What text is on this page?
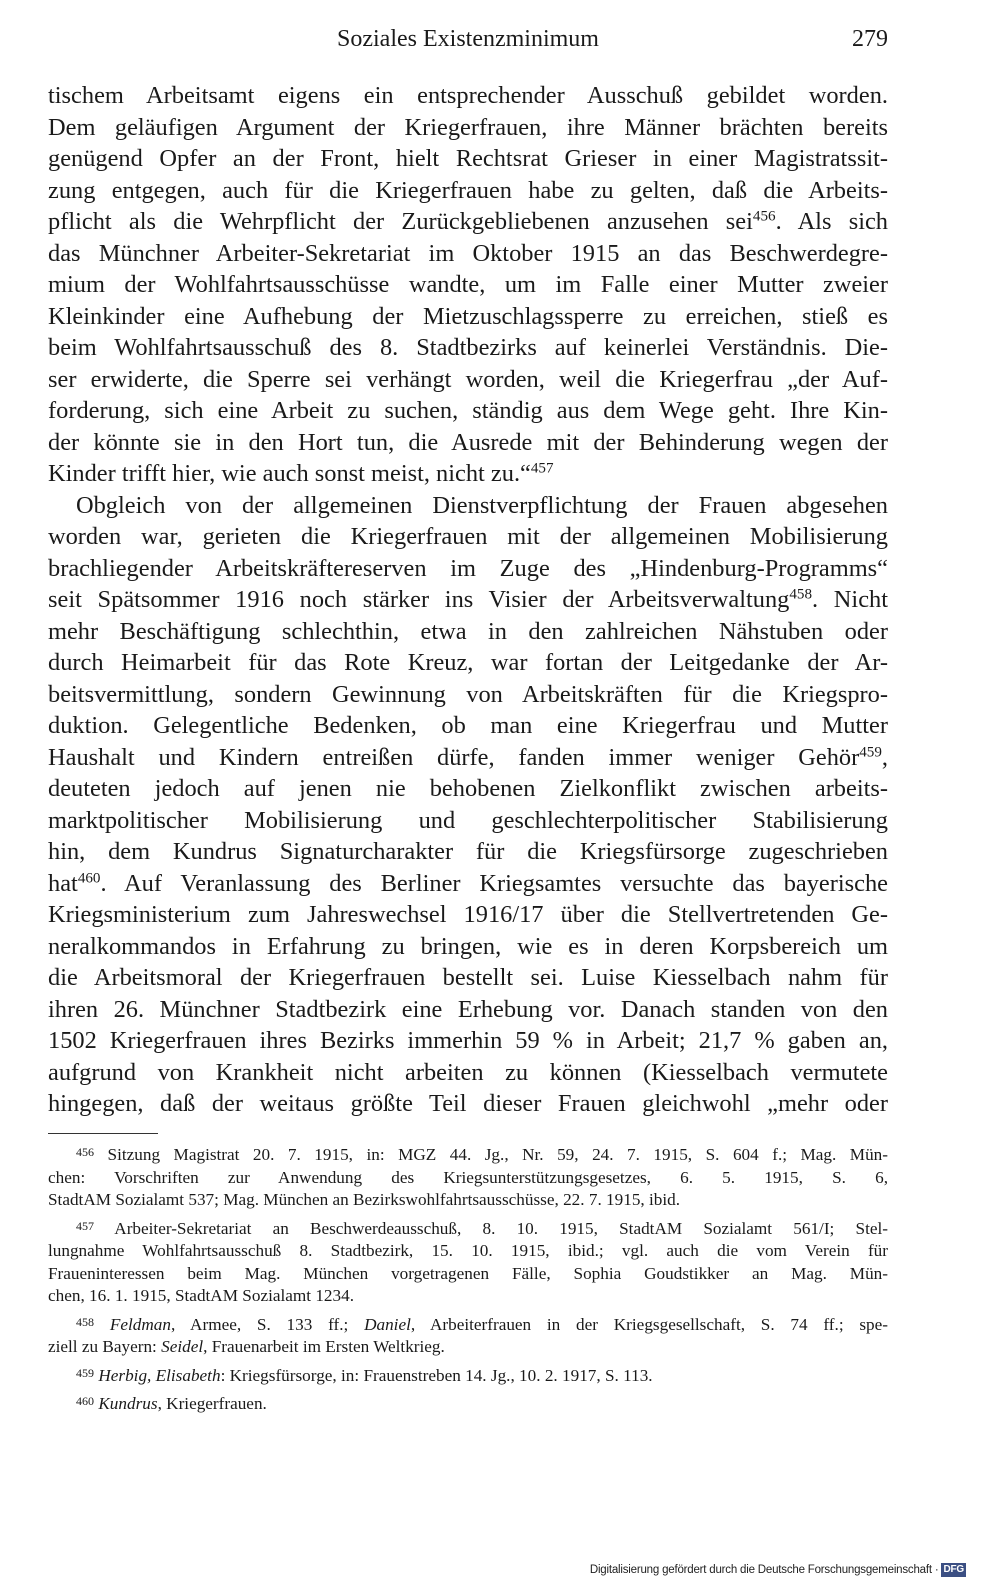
Soziales Existenzminimum	279
tischem Arbeitsamt eigens ein entsprechender Ausschuß gebildet worden.
Dem geläufigen Argument der Kriegerfrauen, ihre Männer brächten bereits
genügend Opfer an der Front, hielt Rechtsrat Grieser in einer Magistratssit-
zung entgegen, auch für die Kriegerfrauen habe zu gelten, daß die Arbeits-
pflicht als die Wehrpflicht der Zurückgebliebenen anzusehen sei$^{456}$. Als sich
das Münchner Arbeiter-Sekretariat im Oktober 1915 an das Beschwerdegre-
mium der Wohlfahrtsausschüsse wandte, um im Falle einer Mutter zweier
Kleinkinder eine Aufhebung der Mietzuschlagssperre zu erreichen, stieß es
beim Wohlfahrtsausschuß des 8. Stadtbezirks auf keinerlei Verständnis. Die-
ser erwiderte, die Sperre sei verhängt worden, weil die Kriegerfrau „der Auf-
forderung, sich eine Arbeit zu suchen, ständig aus dem Wege geht. Ihre Kin-
der könnte sie in den Hort tun, die Ausrede mit der Behinderung wegen der
Kinder trifft hier, wie auch sonst meist, nicht zu.“$^{457}$
Obgleich von der allgemeinen Dienstverpflichtung der Frauen abgesehen
worden war, gerieten die Kriegerfrauen mit der allgemeinen Mobilisierung
brachliegender Arbeitskräftereserven im Zuge des „Hindenburg-Programms“
seit Spätsommer 1916 noch stärker ins Visier der Arbeitsverwaltung$^{458}$. Nicht
mehr Beschäftigung schlechthin, etwa in den zahlreichen Nähstuben oder
durch Heimarbeit für das Rote Kreuz, war fortan der Leitgedanke der Ar-
beitsvermittlung, sondern Gewinnung von Arbeitskräften für die Kriegspro-
duktion. Gelegentliche Bedenken, ob man eine Kriegerfrau und Mutter
Haushalt und Kindern entreißen dürfe, fanden immer weniger Gehör$^{459}$,
deuteten jedoch auf jenen nie behobenen Zielkonflikt zwischen arbeits-
marktpolitischer Mobilisierung und geschlechterpolitischer Stabilisierung
hin, dem Kundrus Signaturcharakter für die Kriegsfürsorge zugeschrieben
hat$^{460}$. Auf Veranlassung des Berliner Kriegsamtes versuchte das bayerische
Kriegsministerium zum Jahreswechsel 1916/17 über die Stellvertretenden Ge-
neralkommandos in Erfahrung zu bringen, wie es in deren Korpsbereich um
die Arbeitsmoral der Kriegerfrauen bestellt sei. Luise Kiesselbach nahm für
ihren 26. Münchner Stadtbezirk eine Erhebung vor. Danach standen von den
1502 Kriegerfrauen ihres Bezirks immerhin 59 % in Arbeit; 21,7 % gaben an,
aufgrund von Krankheit nicht arbeiten zu können (Kiesselbach vermutete
hingegen, daß der weitaus größte Teil dieser Frauen gleichwohl „mehr oder
$^{456}$ Sitzung Magistrat 20. 7. 1915, in: MGZ 44. Jg., Nr. 59, 24. 7. 1915, S. 604 f.; Mag. Mün-
chen: Vorschriften zur Anwendung des Kriegsunterstützungsgesetzes, 6. 5. 1915, S. 6,
StadtAM Sozialamt 537; Mag. München an Bezirkswohlfahrtsausschüsse, 22. 7. 1915, ibid.
$^{457}$ Arbeiter-Sekretariat an Beschwerdeausschuß, 8. 10. 1915, StadtAM Sozialamt 561/I; Stel-
lungnahme Wohlfahrtsausschuß 8. Stadtbezirk, 15. 10. 1915, ibid.; vgl. auch die vom Verein für
Fraueninteressen beim Mag. München vorgetragenen Fälle, Sophia Goudstikker an Mag. Mün-
chen, 16. 1. 1915, StadtAM Sozialamt 1234.
$^{458}$ Feldman, Armee, S. 133 ff.; Daniel, Arbeiterfrauen in der Kriegsgesellschaft, S. 74 ff.; spe-
ziell zu Bayern: Seidel, Frauenarbeit im Ersten Weltkrieg.
$^{459}$ Herbig, Elisabeth: Kriegsfürsorge, in: Frauenstreben 14. Jg., 10. 2. 1917, S. 113.
$^{460}$ Kundrus, Kriegerfrauen.
Digitalisierung gefördert durch die Deutsche Forschungsgemeinschaft · DFG
